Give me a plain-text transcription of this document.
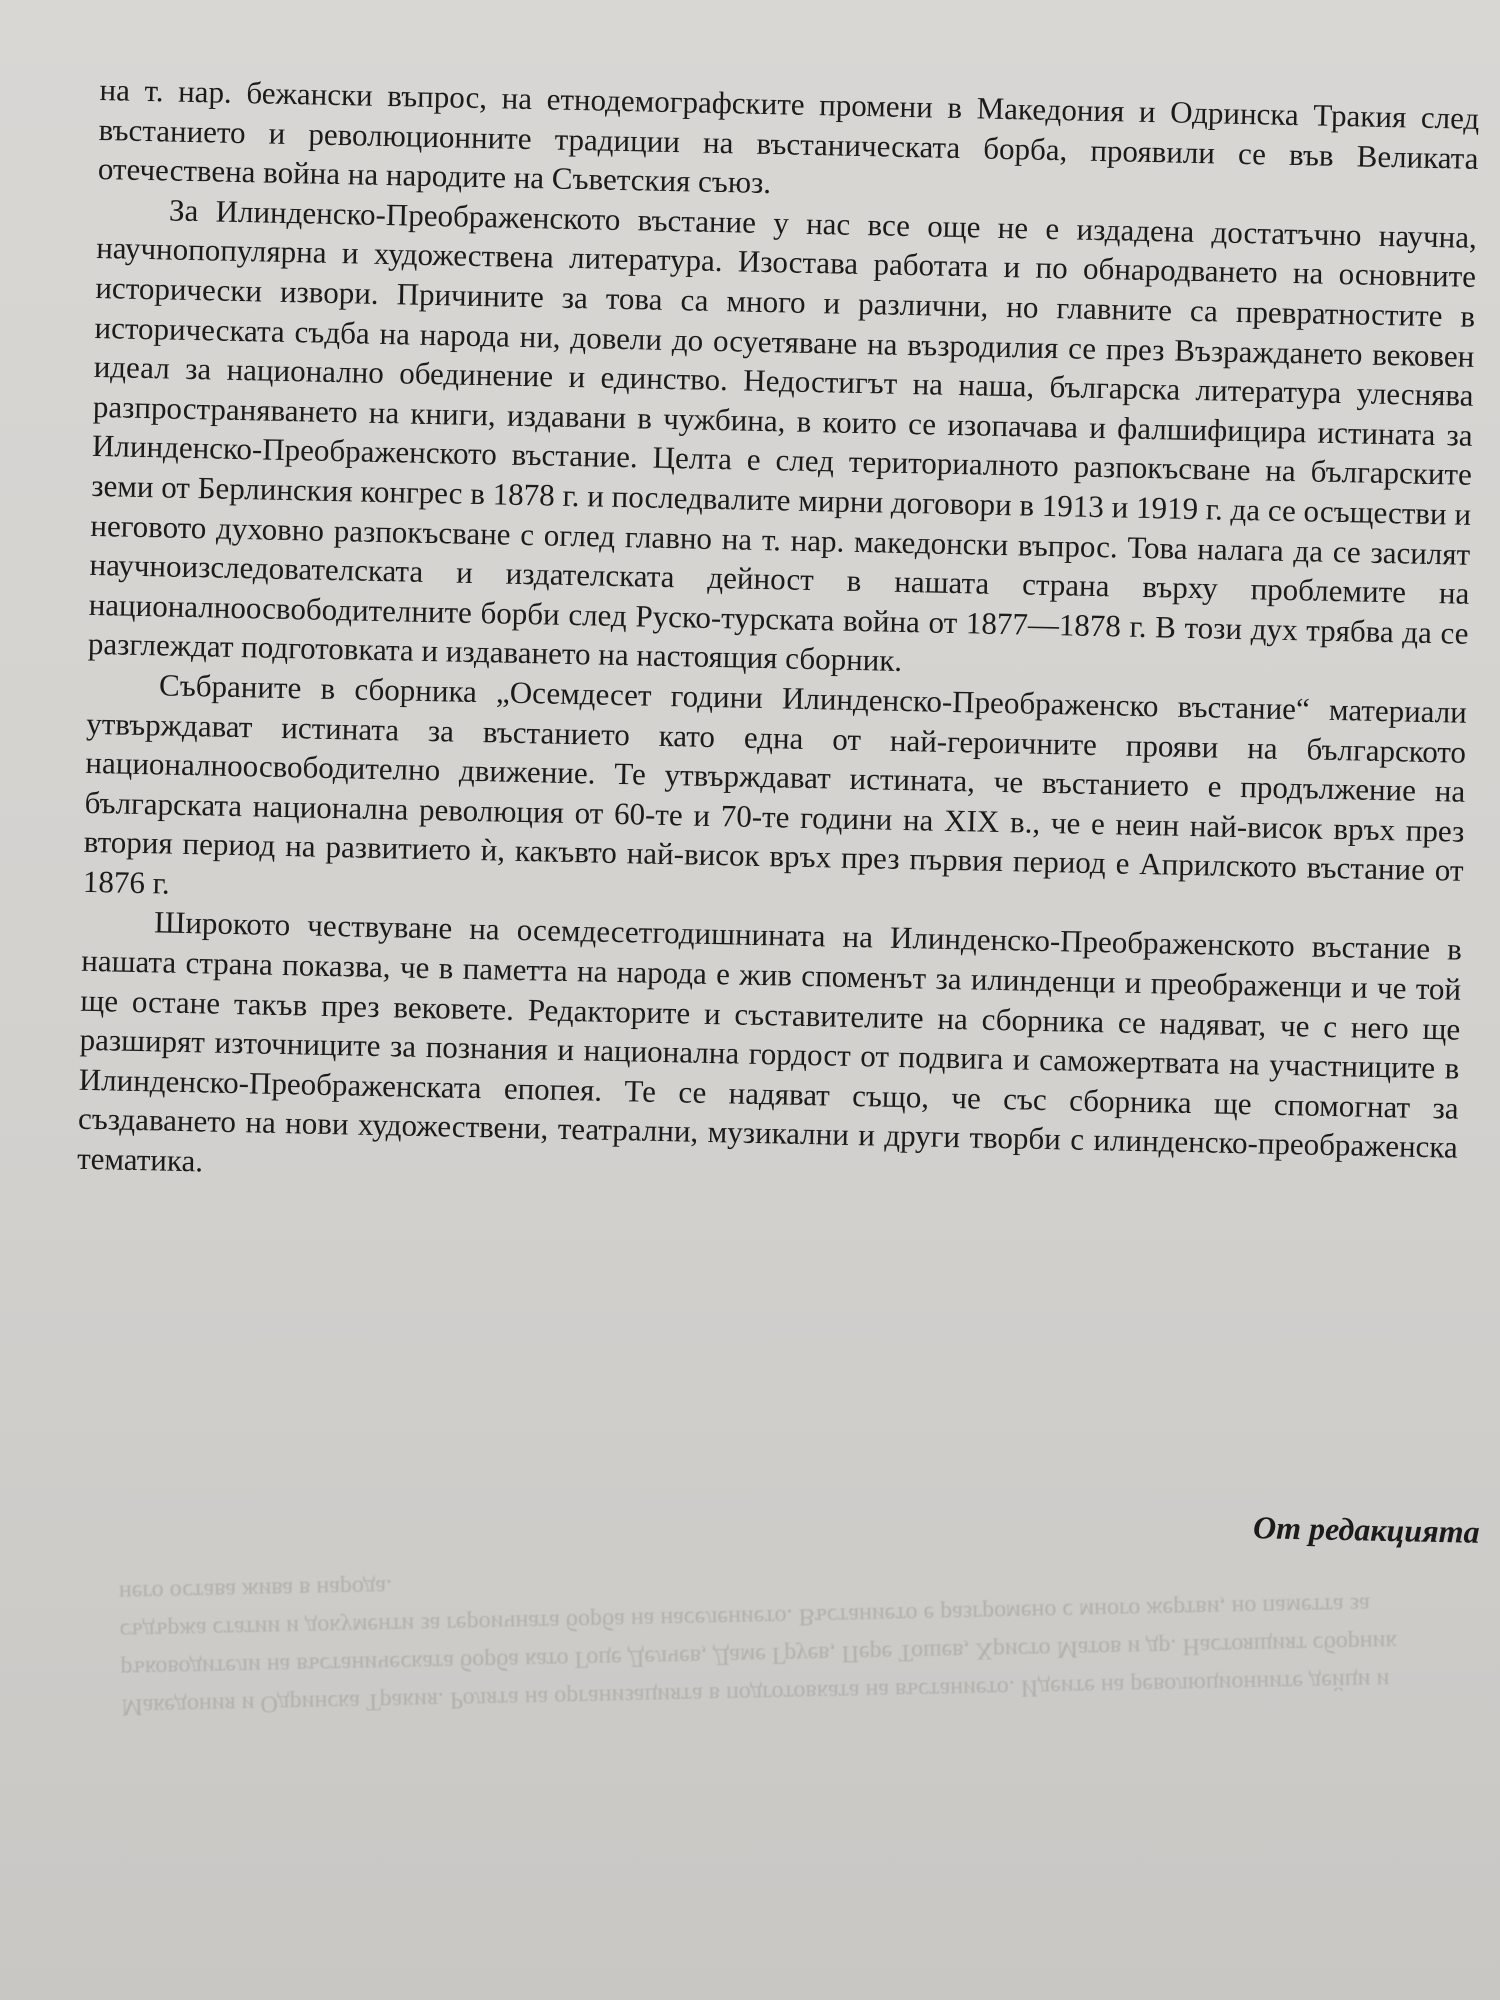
Македония и Одринска Тракия. Ролята на организацията в подготовката на въстанието. Идеите на революционните дейци и ръководители на въстаническата борба като Гоце Делчев, Даме Груев, Пере Тошев, Христо Матов и др. Настоящият сборник съдържа статии и документи за героичната борба на населението. Въстанието е разгромено с много жертви, но паметта за него остава жива в народа.

на т. нар. бежански въпрос, на етнодемографските промени в Македония и Одринска Тракия след въстанието и революционните традиции на въстаническата борба, проявили се във Великата отечествена война на народите на Съветския съюз.

За Илинденско-Преображенското въстание у нас все още не е издадена достатъчно научна, научнопопулярна и художествена литература. Изостава работата и по обнародването на основните исторически извори. Причините за това са много и различни, но главните са превратностите в историческата съдба на народа ни, довели до осуетяване на възродилия се през Възраждането вековен идеал за национално обединение и единство. Недостигът на наша, българска литература улеснява разпространяването на книги, издавани в чужбина, в които се изопачава и фалшифицира истината за Илинденско-Преображенското въстание. Целта е след териториалното разпокъсване на българските земи от Берлинския конгрес в 1878 г. и последвалите мирни договори в 1913 и 1919 г. да се осъществи и неговото духовно разпокъсване с оглед главно на т. нар. македонски въпрос. Това налага да се засилят научноизследователската и издателската дейност в нашата страна върху проблемите на националноосвободителните борби след Руско-турската война от 1877—1878 г. В този дух трябва да се разглеждат подготовката и издаването на настоящия сборник.

Събраните в сборника „Осемдесет години Илинденско-Преображенско въстание“ материали утвърждават истината за въстанието като една от най-героичните прояви на българското националноосвободително движение. Те утвърждават истината, че въстанието е продължение на българската национална революция от 60-те и 70-те години на XIX в., че е неин най-висок връх през втория период на развитието ѝ, какъвто най-висок връх през първия период е Априлското въстание от 1876 г.

Широкото чествуване на осемдесетгодишнината на Илинденско-Преображенското въстание в нашата страна показва, че в паметта на народа е жив споменът за илинденци и преображенци и че той ще остане такъв през вековете. Редакторите и съставителите на сборника се надяват, че с него ще разширят източниците за познания и национална гордост от подвига и саможертвата на участниците в Илинденско-Преображенската епопея. Те се надяват също, че със сборника ще спомогнат за създаването на нови художествени, театрални, музикални и други творби с илинденско-преображенска тематика.

От редакцията
